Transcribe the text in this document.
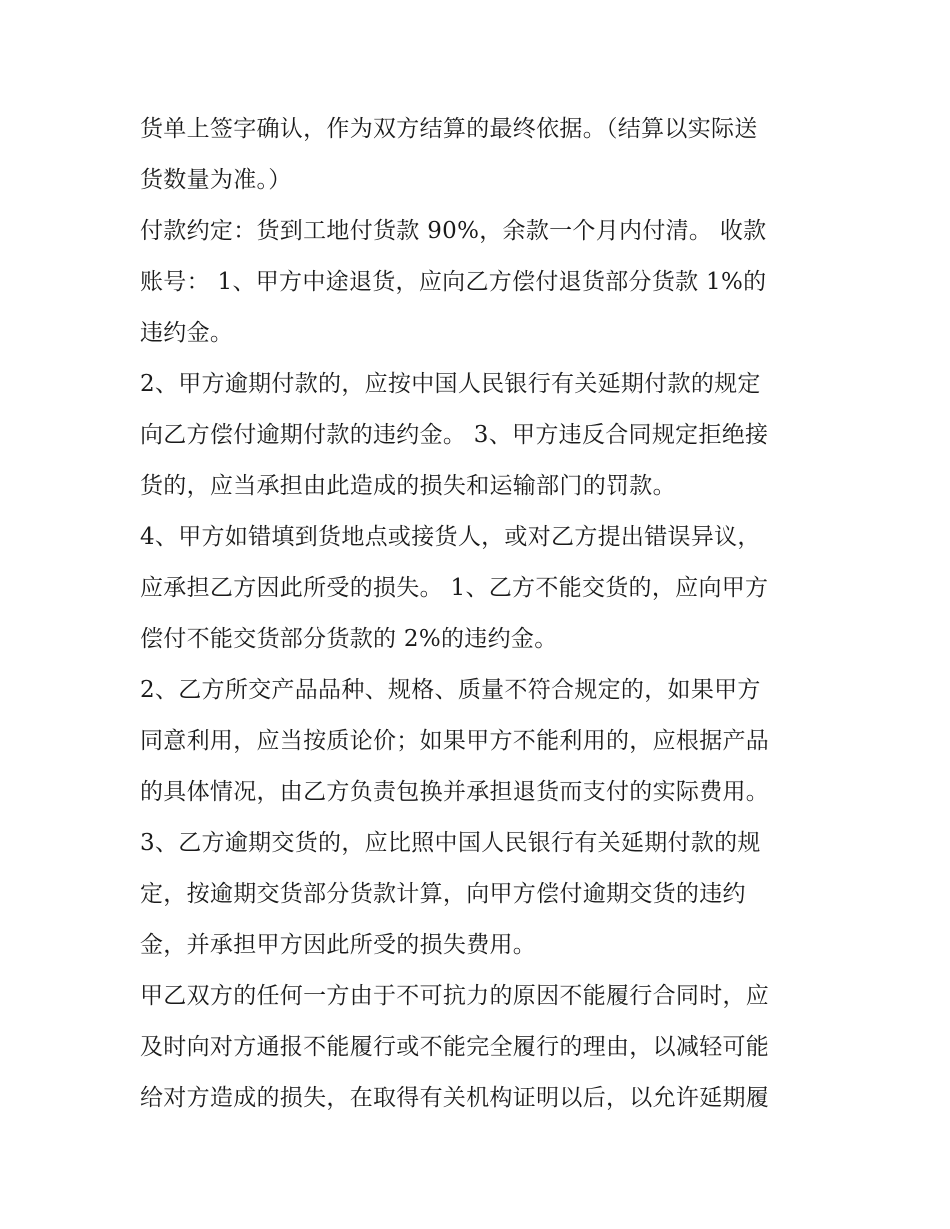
货单上签字确认，作为双方结算的最终依据。（结算以实际送
货数量为准。）

付款约定：货到工地付货款 90%，余款一个月内付清。 收款
账号： 1、甲方中途退货，应向乙方偿付退货部分货款 1%的
违约金。

2、甲方逾期付款的，应按中国人民银行有关延期付款的规定
向乙方偿付逾期付款的违约金。 3、甲方违反合同规定拒绝接
货的，应当承担由此造成的损失和运输部门的罚款。

4、甲方如错填到货地点或接货人，或对乙方提出错误异议，
应承担乙方因此所受的损失。 1、乙方不能交货的，应向甲方
偿付不能交货部分货款的 2%的违约金。

2、乙方所交产品品种、规格、质量不符合规定的，如果甲方
同意利用，应当按质论价；如果甲方不能利用的，应根据产品
的具体情况，由乙方负责包换并承担退货而支付的实际费用。

3、乙方逾期交货的，应比照中国人民银行有关延期付款的规
定，按逾期交货部分货款计算，向甲方偿付逾期交货的违约
金，并承担甲方因此所受的损失费用。

甲乙双方的任何一方由于不可抗力的原因不能履行合同时，应
及时向对方通报不能履行或不能完全履行的理由，以减轻可能
给对方造成的损失，在取得有关机构证明以后，以允许延期履
